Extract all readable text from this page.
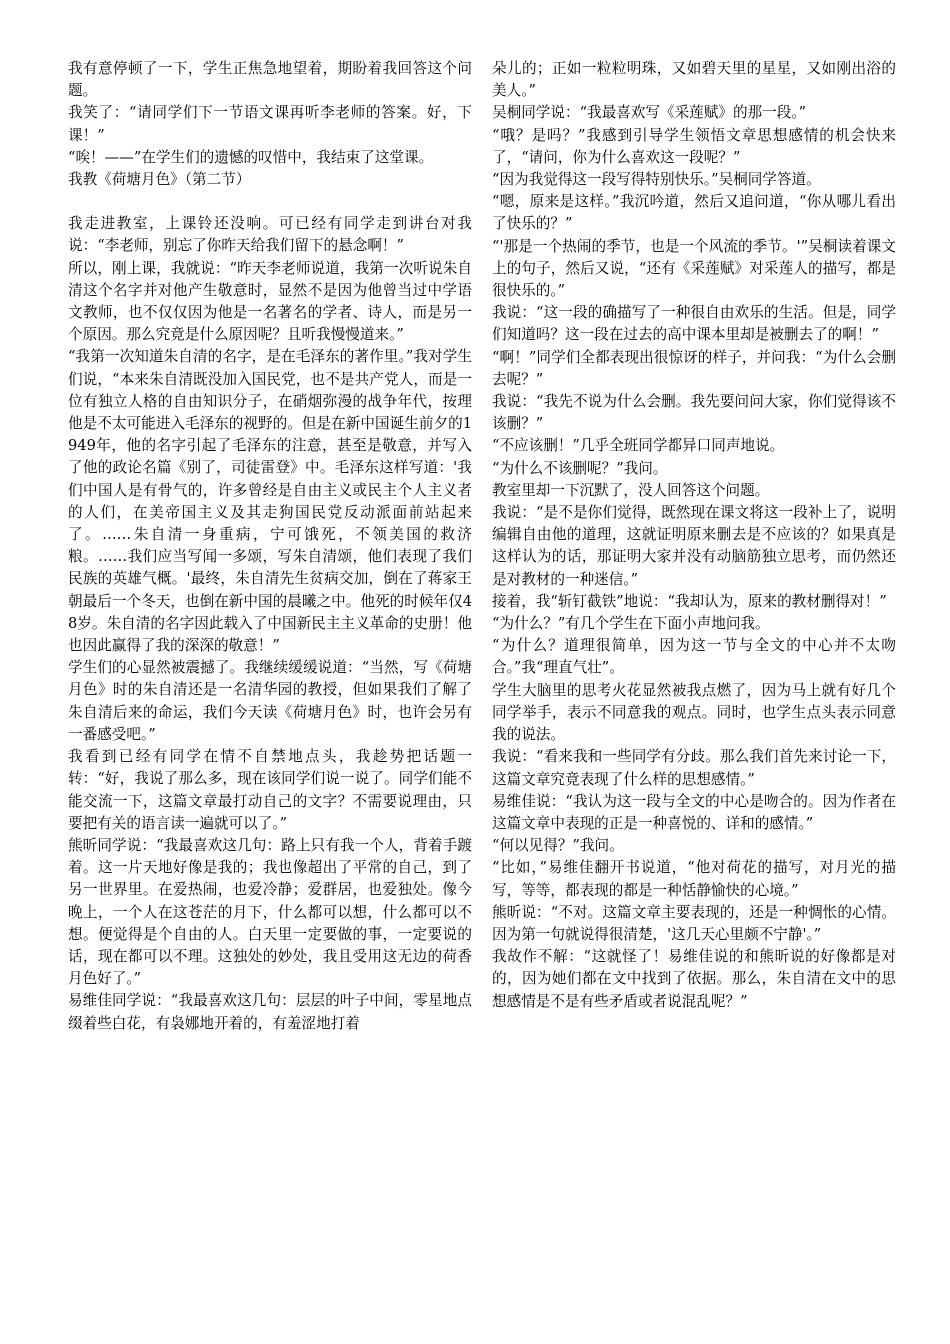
我有意停顿了一下，学生正焦急地望着，期盼着我回答这个问题。

我笑了：“请同学们下一节语文课再听李老师的答案。好，下课！”

“唉！——”在学生们的遗憾的叹惜中，我结束了这堂课。

我教《荷塘月色》（第二节）

我走进教室，上课铃还没响。可已经有同学走到讲台对我说：“李老师，别忘了你昨天给我们留下的悬念啊！”

所以，刚上课，我就说：“昨天李老师说道，我第一次听说朱自清这个名字并对他产生敬意时，显然不是因为他曾当过中学语文教师，也不仅仅因为他是一名著名的学者、诗人，而是另一个原因。那么究竟是什么原因呢？且听我慢慢道来。”

“我第一次知道朱自清的名字，是在毛泽东的著作里。”我对学生们说，“本来朱自清既没加入国民党，也不是共产党人，而是一位有独立人格的自由知识分子，在硝烟弥漫的战争年代，按理他是不太可能进入毛泽东的视野的。但是在新中国诞生前夕的1949年，他的名字引起了毛泽东的注意，甚至是敬意，并写入了他的政论名篇《别了，司徒雷登》中。毛泽东这样写道：'我们中国人是有骨气的，许多曾经是自由主义或民主个人主义者的人们，在美帝国主义及其走狗国民党反动派面前站起来了。……朱自清一身重病，宁可饿死，不领美国的救济粮。……我们应当写闻一多颂，写朱自清颂，他们表现了我们民族的英雄气概。'最终，朱自清先生贫病交加，倒在了蒋家王朝最后一个冬天，也倒在新中国的晨曦之中。他死的时候年仅48岁。朱自清的名字因此载入了中国新民主主义革命的史册！他也因此赢得了我的深深的敬意！”

学生们的心显然被震撼了。我继续缓缓说道：“当然，写《荷塘月色》时的朱自清还是一名清华园的教授，但如果我们了解了朱自清后来的命运，我们今天读《荷塘月色》时，也许会另有一番感受吧。”

我看到已经有同学在情不自禁地点头，我趁势把话题一转：“好，我说了那么多，现在该同学们说一说了。同学们能不能交流一下，这篇文章最打动自己的文字？不需要说理由，只要把有关的语言读一遍就可以了。”

熊昕同学说：“我最喜欢这几句：路上只有我一个人，背着手踱着。这一片天地好像是我的；我也像超出了平常的自己，到了另一世界里。在爱热闹，也爱冷静；爱群居，也爱独处。像今晚上，一个人在这苍茫的月下，什么都可以想，什么都可以不想。便觉得是个自由的人。白天里一定要做的事，一定要说的话，现在都可以不理。这独处的妙处，我且受用这无边的荷香月色好了。”

易维佳同学说：“我最喜欢这几句：层层的叶子中间，零星地点缀着些白花，有袅娜地开着的，有羞涩地打着

朵儿的；正如一粒粒明珠，又如碧天里的星星，又如刚出浴的美人。”

吴桐同学说：“我最喜欢写《采莲赋》的那一段。”

“哦？是吗？”我感到引导学生领悟文章思想感情的机会快来了，“请问，你为什么喜欢这一段呢？”

“因为我觉得这一段写得特别快乐。”吴桐同学答道。

“嗯，原来是这样。”我沉吟道，然后又追问道，“你从哪儿看出了快乐的？”

“'那是一个热闹的季节，也是一个风流的季节。'”吴桐读着课文上的句子，然后又说，“还有《采莲赋》对采莲人的描写，都是很快乐的。”

我说：“这一段的确描写了一种很自由欢乐的生活。但是，同学们知道吗？这一段在过去的高中课本里却是被删去了的啊！”

“啊！”同学们全都表现出很惊讶的样子，并问我：“为什么会删去呢？”

我说：“我先不说为什么会删。我先要问问大家，你们觉得该不该删？”

“不应该删！”几乎全班同学都异口同声地说。

“为什么不该删呢？”我问。

教室里却一下沉默了，没人回答这个问题。

我说：“是不是你们觉得，既然现在课文将这一段补上了，说明编辑自由他的道理，这就证明原来删去是不应该的？如果真是这样认为的话，那证明大家并没有动脑筋独立思考，而仍然还是对教材的一种迷信。”

接着，我“斩钉截铁”地说：“我却认为，原来的教材删得对！”

“为什么？”有几个学生在下面小声地问我。

“为什么？道理很简单，因为这一节与全文的中心并不太吻合。”我“理直气壮”。

学生大脑里的思考火花显然被我点燃了，因为马上就有好几个同学举手，表示不同意我的观点。同时，也学生点头表示同意我的说法。

我说：“看来我和一些同学有分歧。那么我们首先来讨论一下，这篇文章究竟表现了什么样的思想感情。”

易维佳说：“我认为这一段与全文的中心是吻合的。因为作者在这篇文章中表现的正是一种喜悦的、详和的感情。”

“何以见得？”我问。

“比如，”易维佳翻开书说道，“他对荷花的描写，对月光的描写，等等，都表现的都是一种恬静愉快的心境。”

熊昕说：“不对。这篇文章主要表现的，还是一种惆怅的心情。因为第一句就说得很清楚，'这几天心里颇不宁静'。”

我故作不解：“这就怪了！易维佳说的和熊昕说的好像都是对的，因为她们都在文中找到了依据。那么，朱自清在文中的思想感情是不是有些矛盾或者说混乱呢？”
